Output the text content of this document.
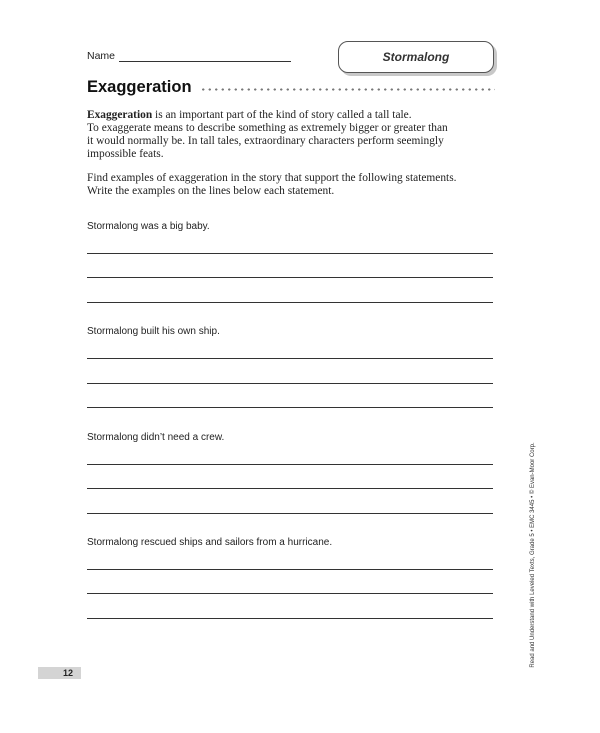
Name	Stormalong
Exaggeration

Exaggeration is an important part of the kind of story called a tall tale.
To exaggerate means to describe something as extremely bigger or greater than
it would normally be. In tall tales, extraordinary characters perform seemingly
impossible feats.

Find examples of exaggeration in the story that support the following statements.
Write the examples on the lines below each statement.

Stormalong was a big baby.
Stormalong built his own ship.
Stormalong didn’t need a crew.
Stormalong rescued ships and sailors from a hurricane.
12
Read and Understand with Leveled Texts, Grade 5 • EMC 3445 • © Evan-Moor Corp.
